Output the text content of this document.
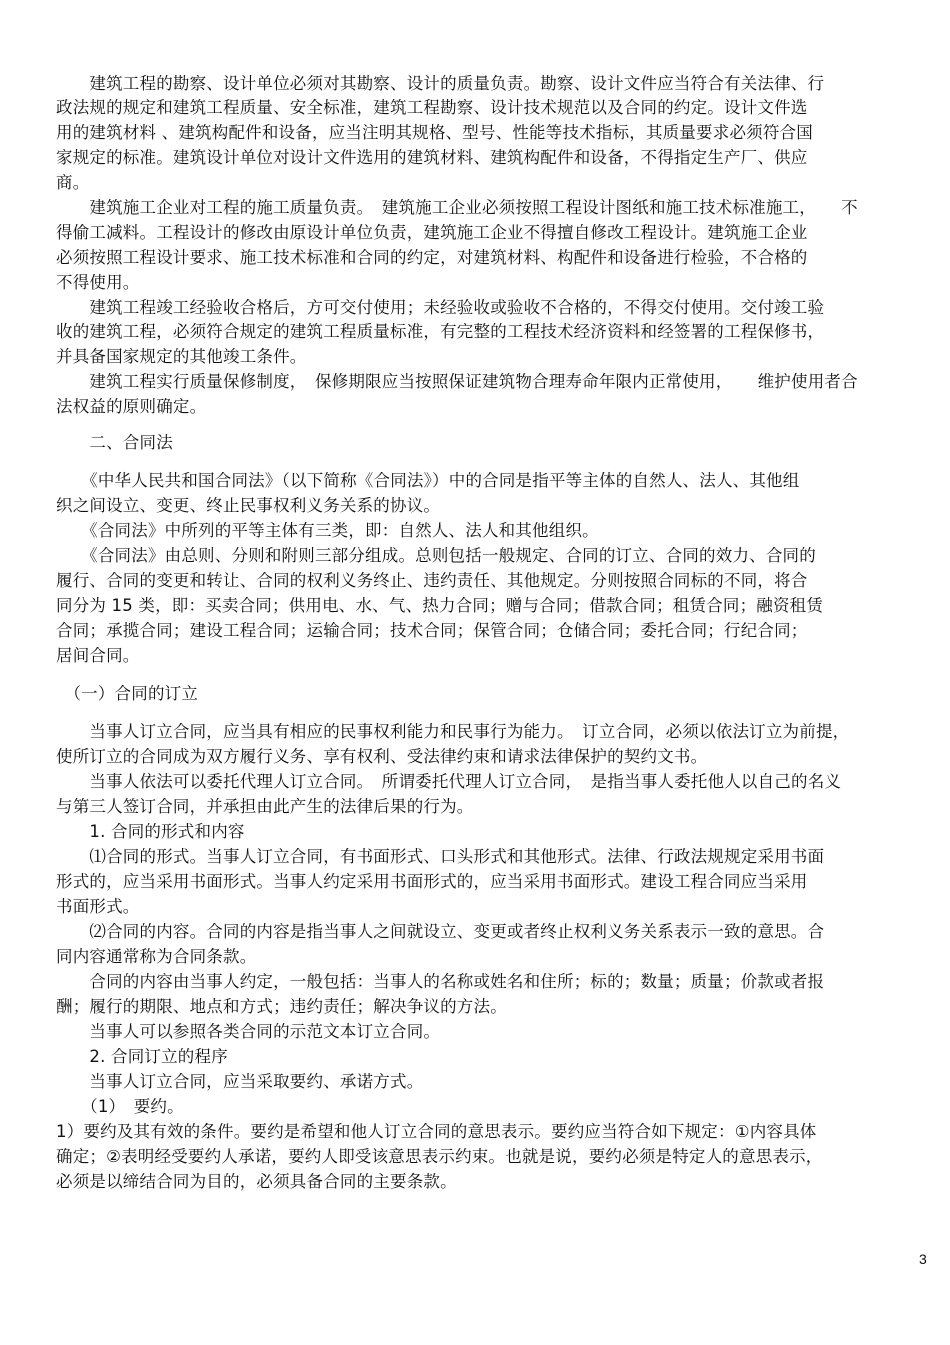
　　建筑工程的勘察、设计单位必须对其勘察、设计的质量负责。勘察、设计文件应当符合有关法律、行
政法规的规定和建筑工程质量、安全标准，建筑工程勘察、设计技术规范以及合同的约定。设计文件选
用的建筑材料 、建筑构配件和设备，应当注明其规格、型号、性能等技术指标，其质量要求必须符合国
家规定的标准。建筑设计单位对设计文件选用的建筑材料、建筑构配件和设备，不得指定生产厂、供应
商。
　　建筑施工企业对工程的施工质量负责。　建筑施工企业必须按照工程设计图纸和施工技术标准施工，　　不
得偷工减料。工程设计的修改由原设计单位负责，建筑施工企业不得擅自修改工程设计。建筑施工企业
必须按照工程设计要求、施工技术标准和合同的约定，对建筑材料、构配件和设备进行检验，不合格的
不得使用。
　　建筑工程竣工经验收合格后，方可交付使用；未经验收或验收不合格的，不得交付使用。交付竣工验
收的建筑工程，必须符合规定的建筑工程质量标准，有完整的工程技术经济资料和经签署的工程保修书，
并具备国家规定的其他竣工条件。
　　建筑工程实行质量保修制度，　保修期限应当按照保证建筑物合理寿命年限内正常使用，　　维护使用者合
法权益的原则确定。
　　二、合同法
　　《中华人民共和国合同法》（以下简称《合同法》）中的合同是指平等主体的自然人、法人、其他组
织之间设立、变更、终止民事权利义务关系的协议。
　　《合同法》中所列的平等主体有三类，即：自然人、法人和其他组织。
　　《合同法》由总则、分则和附则三部分组成。总则包括一般规定、合同的订立、合同的效力、合同的
履行、合同的变更和转让、合同的权利义务终止、违约责任、其他规定。分则按照合同标的不同，将合
同分为 15 类，即：买卖合同；供用电、水、气、热力合同；赠与合同；借款合同；租赁合同；融资租赁
合同；承揽合同；建设工程合同；运输合同；技术合同；保管合同；仓储合同；委托合同；行纪合同；
居间合同。
　（一）合同的订立
　　当事人订立合同，应当具有相应的民事权利能力和民事行为能力。　订立合同，必须以依法订立为前提，
使所订立的合同成为双方履行义务、享有权利、受法律约束和请求法律保护的契约文书。
　　当事人依法可以委托代理人订立合同。　所谓委托代理人订立合同，　是指当事人委托他人以自己的名义
与第三人签订合同，并承担由此产生的法律后果的行为。
　　1. 合同的形式和内容
　　⑴合同的形式。当事人订立合同，有书面形式、口头形式和其他形式。法律、行政法规规定采用书面
形式的，应当采用书面形式。当事人约定采用书面形式的，应当采用书面形式。建设工程合同应当采用
书面形式。
　　⑵合同的内容。合同的内容是指当事人之间就设立、变更或者终止权利义务关系表示一致的意思。合
同内容通常称为合同条款。
　　合同的内容由当事人约定，一般包括：当事人的名称或姓名和住所；标的；数量；质量；价款或者报
酬；履行的期限、地点和方式；违约责任；解决争议的方法。
　　当事人可以参照各类合同的示范文本订立合同。
　　2. 合同订立的程序
　　当事人订立合同，应当采取要约、承诺方式。
　　（1）　要约。
1）要约及其有效的条件。要约是希望和他人订立合同的意思表示。要约应当符合如下规定：①内容具体
确定；②表明经受要约人承诺，要约人即受该意思表示约束。也就是说，要约必须是特定人的意思表示，
必须是以缔结合同为目的，必须具备合同的主要条款。
3
